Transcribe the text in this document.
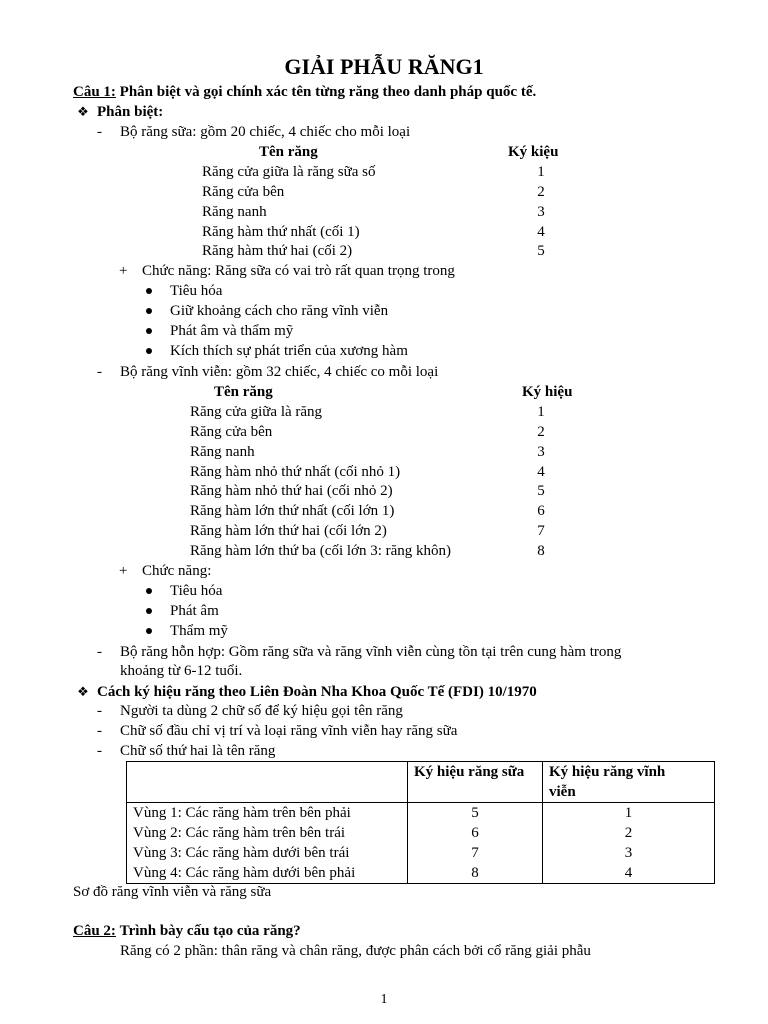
GIẢI PHẪU RĂNG1
Câu 1: Phân biệt và gọi chính xác tên từng răng theo danh pháp quốc tế.
❖ Phân biệt:
- Bộ răng sữa: gồm 20 chiếc, 4 chiếc cho mỗi loại
Tên răng	Ký kiệu
Răng cửa giữa là răng sữa số	1
Răng cửa bên	2
Răng nanh	3
Răng hàm thứ nhất (cối 1)	4
Răng hàm thứ hai (cối 2)	5
+ Chức năng: Răng sữa có vai trò rất quan trọng trong
Tiêu hóa
Giữ khoảng cách cho răng vĩnh viễn
Phát âm và thẩm mỹ
Kích thích sự phát triển của xương hàm
- Bộ răng vĩnh viễn: gồm 32 chiếc, 4 chiếc co mỗi loại
Tên răng	Ký hiệu
Răng cửa giữa là răng	1
Răng cửa bên	2
Răng nanh	3
Răng hàm nhỏ thứ nhất (cối nhỏ 1)	4
Răng hàm nhỏ thứ hai (cối nhỏ 2)	5
Răng hàm lớn thứ nhất (cối lớn 1)	6
Răng hàm lớn thứ hai (cối lớn 2)	7
Răng hàm lớn thứ ba (cối lớn 3: răng khôn)	8
+ Chức năng:
Tiêu hóa
Phát âm
Thẩm mỹ
- Bộ răng hỗn hợp: Gồm răng sữa và răng vĩnh viễn cùng tồn tại trên cung hàm trong
khoảng từ 6-12 tuổi.
❖ Cách ký hiệu răng theo Liên Đoàn Nha Khoa Quốc Tế (FDI) 10/1970
- Người ta dùng 2 chữ số để ký hiệu gọi tên răng
- Chữ số đầu chỉ vị trí và loại răng vĩnh viễn hay răng sữa
- Chữ số thứ hai là tên răng
	Ký hiệu răng sữa	Ký hiệu răng vĩnh
viễn
Vùng 1: Các răng hàm trên bên phải	5	1
Vùng 2: Các răng hàm trên bên trái	6	2
Vùng 3: Các răng hàm dưới bên trái	7	3
Vùng 4: Các răng hàm dưới bên phải	8	4
Sơ đồ răng vĩnh viễn và răng sữa
Câu 2: Trình bày cấu tạo của răng?
Răng có 2 phần: thân răng và chân răng, được phân cách bởi cổ răng giải phẫu
1
